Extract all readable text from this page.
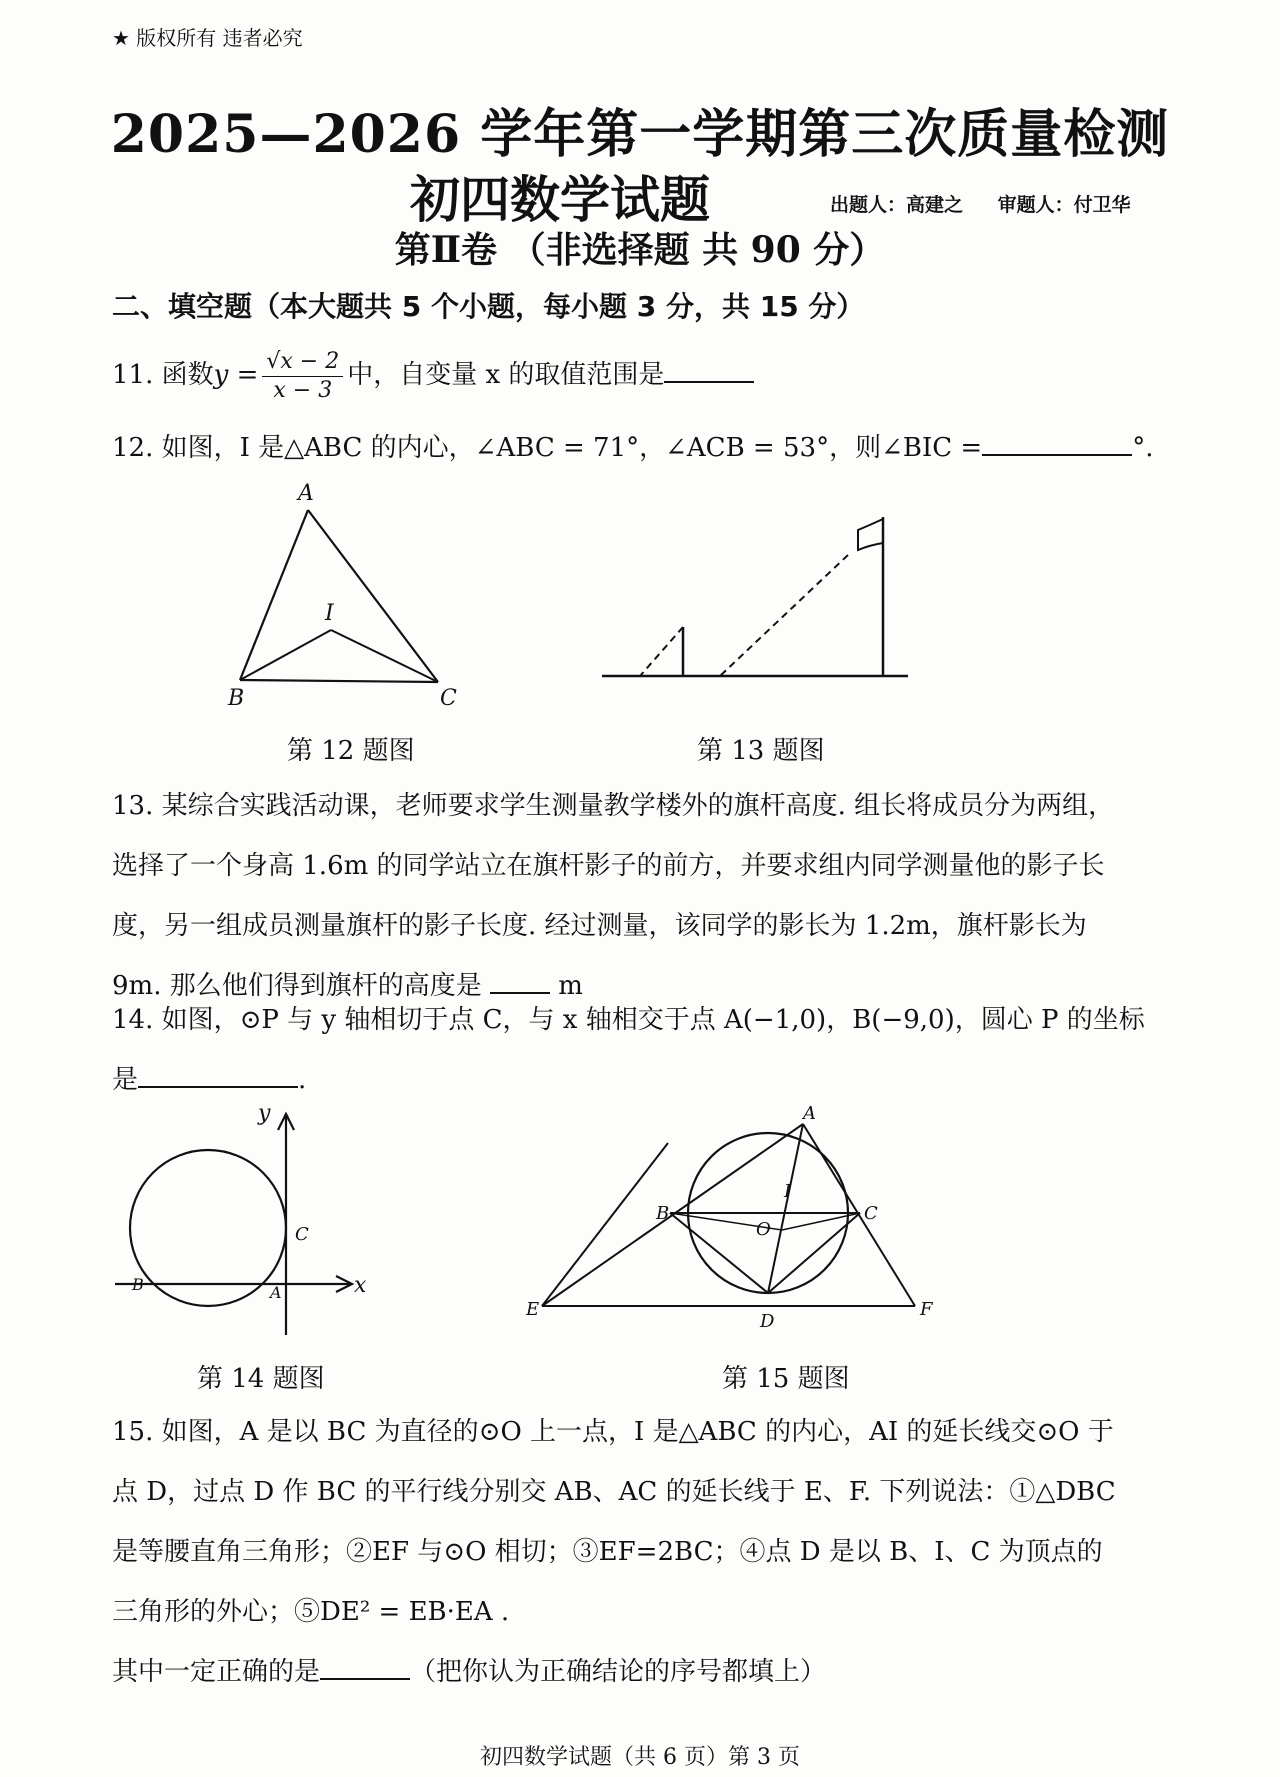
★ 版权所有 违者必究
2025—2026 学年第一学期第三次质量检测
初四数学试题	出题人：高建之 审题人：付卫华
第Ⅱ卷 （非选择题 共 90 分）
二、填空题（本大题共 5 个小题，每小题 3 分，共 15 分）
11. 函数$y = \frac{√x - 2}{x - 3}$ 中，自变量 x 的取值范围是
12. 如图，I 是△ABC 的内心，∠ABC = 71°，∠ACB = 53°，则∠BIC =	°.
A
B	C
I
第 12 题图	第 13 题图
13. 某综合实践活动课，老师要求学生测量教学楼外的旗杆高度. 组长将成员分为两组，
选择了一个身高 1.6m 的同学站立在旗杆影子的前方，并要求组内同学测量他的影子长
度，另一组成员测量旗杆的影子长度. 经过测量，该同学的影长为 1.2m，旗杆影长为
9m. 那么他们得到旗杆的高度是	m
14. 如图，⊙P 与 y 轴相切于点 C，与 x 轴相交于点 A(−1,0)，B(−9,0)，圆心 P 的坐标
是	.
y
x
B	A
C
第 14 题图
A
B	C
D
E	F
I
O
第 15 题图
15. 如图，A 是以 BC 为直径的⊙O 上一点，I 是△ABC 的内心，AI 的延长线交⊙O 于
点 D，过点 D 作 BC 的平行线分别交 AB、AC 的延长线于 E、F. 下列说法：①△DBC
是等腰直角三角形；②EF 与⊙O 相切；③EF=2BC；④点 D 是以 B、I、C 为顶点的
三角形的外心；⑤DE² = EB·EA .
其中一定正确的是	（把你认为正确结论的序号都填上）
初四数学试题（共 6 页）第 3 页
